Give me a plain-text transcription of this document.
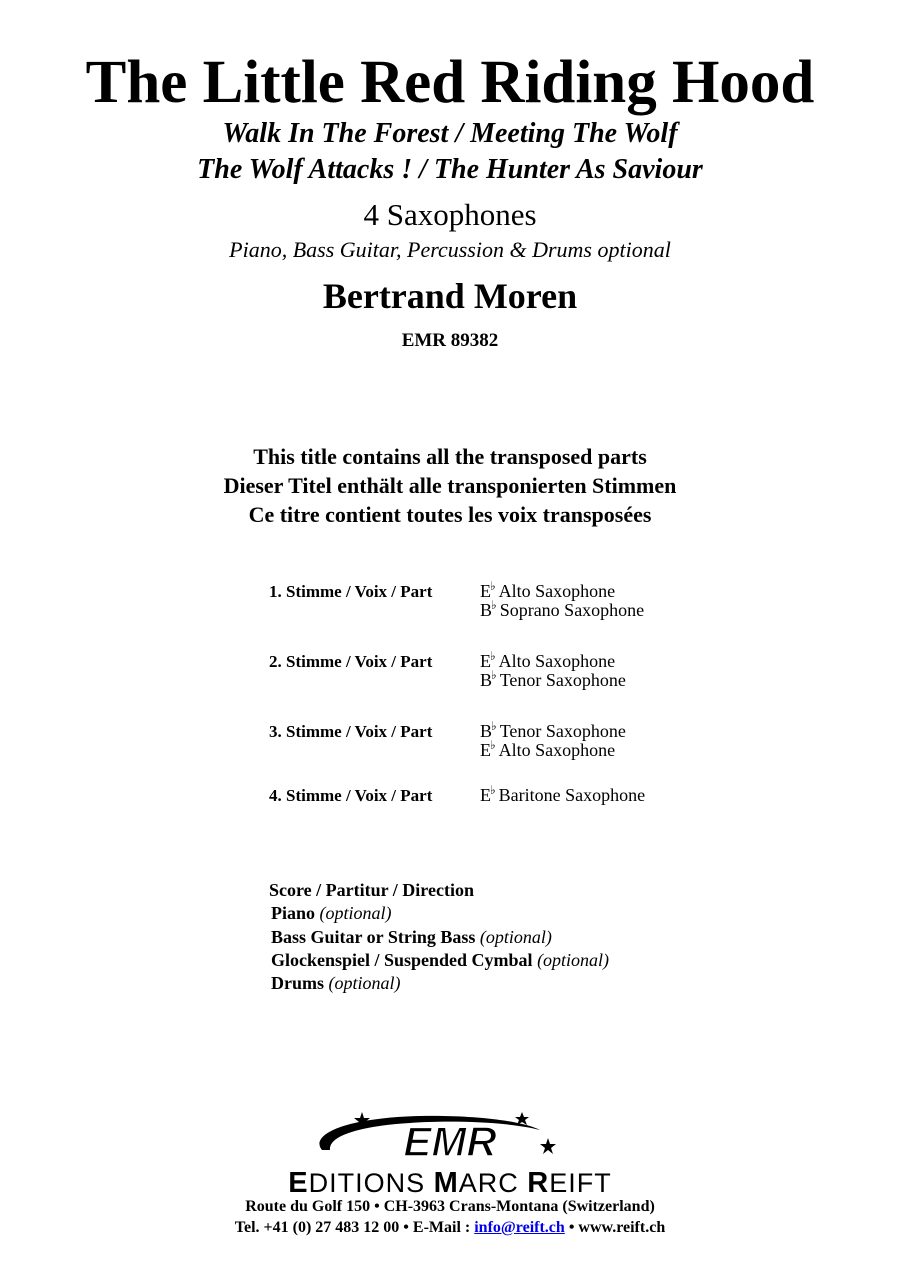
The Little Red Riding Hood
Walk In The Forest / Meeting The Wolf
The Wolf Attacks ! / The Hunter As Saviour
4 Saxophones
Piano, Bass Guitar, Percussion & Drums optional
Bertrand Moren
EMR 89382
This title contains all the transposed parts
Dieser Titel enthält alle transponierten Stimmen
Ce titre contient toutes les voix transposées
1. Stimme / Voix / Part	E♭ Alto Saxophone
B♭ Soprano Saxophone
2. Stimme / Voix / Part	E♭ Alto Saxophone
B♭ Tenor Saxophone
3. Stimme / Voix / Part	B♭ Tenor Saxophone
E♭ Alto Saxophone
4. Stimme / Voix / Part	E♭ Baritone Saxophone
Score / Partitur / Direction
Piano (optional)
Bass Guitar or String Bass (optional)
Glockenspiel / Suspended Cymbal (optional)
Drums (optional)
EMR
EDITIONS MARC REIFT
Route du Golf 150 • CH-3963 Crans-Montana (Switzerland)
Tel. +41 (0) 27 483 12 00 • E-Mail : info@reift.ch • www.reift.ch
